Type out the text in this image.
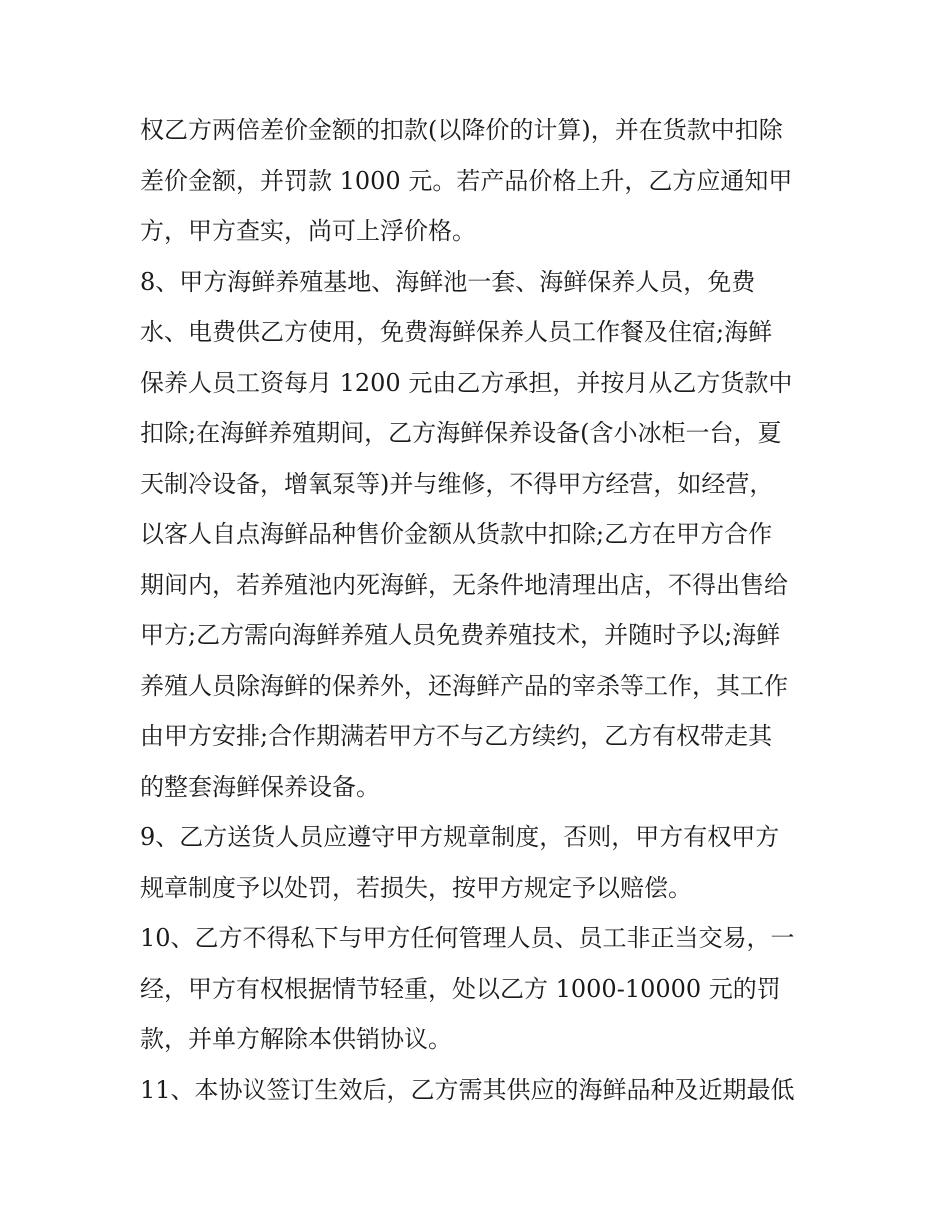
权乙方两倍差价金额的扣款(以降价的计算)，并在货款中扣除
差价金额，并罚款 1000 元。若产品价格上升，乙方应通知甲
方，甲方查实，尚可上浮价格。
8、甲方海鲜养殖基地、海鲜池一套、海鲜保养人员，免费
水、电费供乙方使用，免费海鲜保养人员工作餐及住宿;海鲜
保养人员工资每月 1200 元由乙方承担，并按月从乙方货款中
扣除;在海鲜养殖期间，乙方海鲜保养设备(含小冰柜一台，夏
天制冷设备，增氧泵等)并与维修，不得甲方经营，如经营，
以客人自点海鲜品种售价金额从货款中扣除;乙方在甲方合作
期间内，若养殖池内死海鲜，无条件地清理出店，不得出售给
甲方;乙方需向海鲜养殖人员免费养殖技术，并随时予以;海鲜
养殖人员除海鲜的保养外，还海鲜产品的宰杀等工作，其工作
由甲方安排;合作期满若甲方不与乙方续约，乙方有权带走其
的整套海鲜保养设备。
9、乙方送货人员应遵守甲方规章制度，否则，甲方有权甲方
规章制度予以处罚，若损失，按甲方规定予以赔偿。
10、乙方不得私下与甲方任何管理人员、员工非正当交易，一
经，甲方有权根据情节轻重，处以乙方 1000-10000 元的罚
款，并单方解除本供销协议。
11、本协议签订生效后，乙方需其供应的海鲜品种及近期最低
